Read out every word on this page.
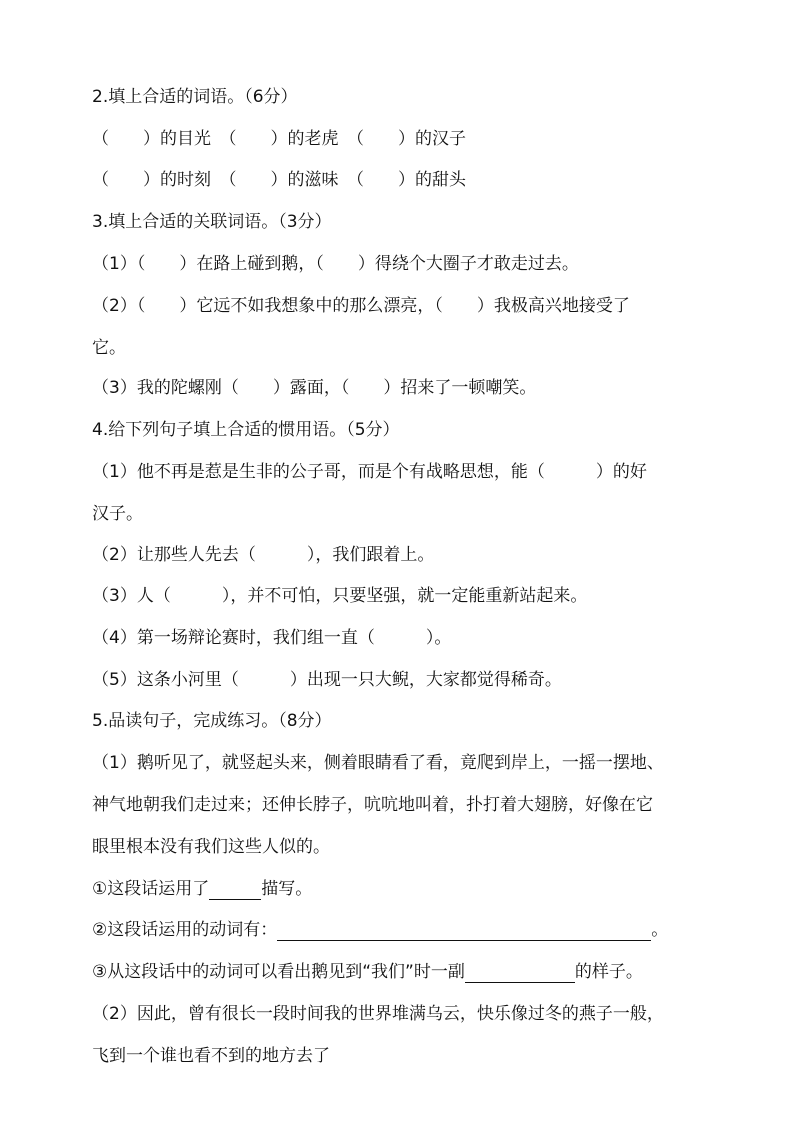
2.填上合适的词语。（6分）
（　　）的目光　（　　）的老虎　（　　）的汉子
（　　）的时刻　（　　）的滋味　（　　）的甜头
3.填上合适的关联词语。（3分）
（1）（　　）在路上碰到鹅，（　　）得绕个大圈子才敢走过去。
（2）（　　）它远不如我想象中的那么漂亮，（　　）我极高兴地接受了
它。
（3）我的陀螺刚（　　）露面，（　　）招来了一顿嘲笑。
4.给下列句子填上合适的惯用语。（5分）
（1）他不再是惹是生非的公子哥，而是个有战略思想，能（　　　）的好
汉子。
（2）让那些人先去（　　　），我们跟着上。
（3）人（　　　），并不可怕，只要坚强，就一定能重新站起来。
（4）第一场辩论赛时，我们组一直（　　　）。
（5）这条小河里（　　　）出现一只大鲵，大家都觉得稀奇。
5.品读句子，完成练习。（8分）
（1）鹅听见了，就竖起头来，侧着眼睛看了看，竟爬到岸上，一摇一摆地、
神气地朝我们走过来；还伸长脖子，吭吭地叫着，扑打着大翅膀，好像在它
眼里根本没有我们这些人似的。
①这段话运用了	描写。
②这段话运用的动词有：	。
③从这段话中的动词可以看出鹅见到“我们”时一副	的样子。
（2）因此，曾有很长一段时间我的世界堆满乌云，快乐像过冬的燕子一般，
飞到一个谁也看不到的地方去了
